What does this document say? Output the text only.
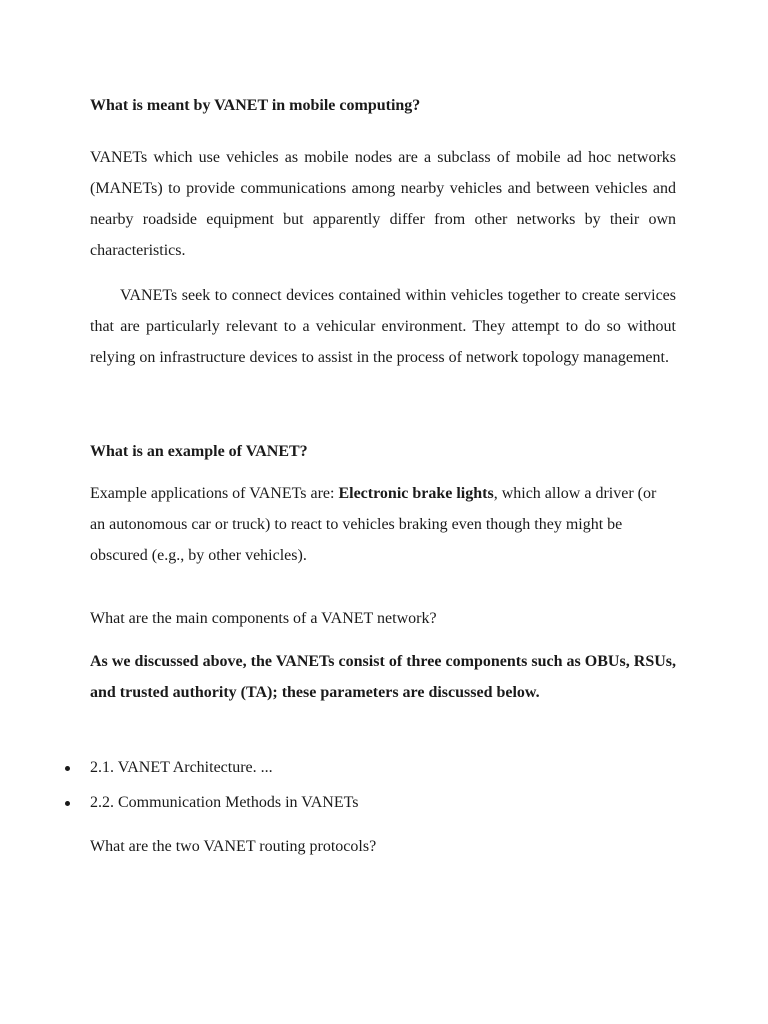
What is meant by VANET in mobile computing?

VANETs which use vehicles as mobile nodes are a subclass of mobile ad hoc networks (MANETs) to provide communications among nearby vehicles and between vehicles and nearby roadside equipment but apparently differ from other networks by their own characteristics.

VANETs seek to connect devices contained within vehicles together to create services that are particularly relevant to a vehicular environment. They attempt to do so without relying on infrastructure devices to assist in the process of network topology management.

What is an example of VANET?

Example applications of VANETs are: Electronic brake lights, which allow a driver (or an autonomous car or truck) to react to vehicles braking even though they might be obscured (e.g., by other vehicles).

What are the main components of a VANET network?

As we discussed above, the VANETs consist of three components such as OBUs, RSUs, and trusted authority (TA); these parameters are discussed below.

2.1. VANET Architecture. ...
2.2. Communication Methods in VANETs

What are the two VANET routing protocols?
